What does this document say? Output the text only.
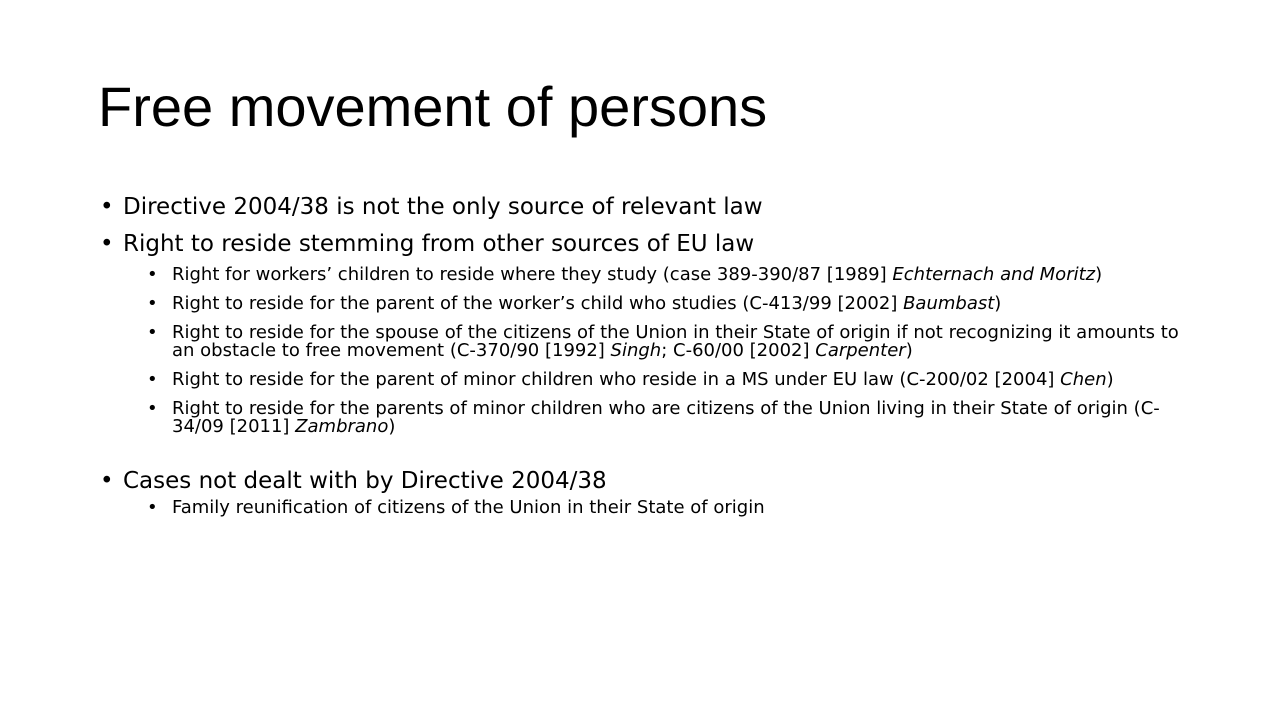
Free movement of persons
• Directive 2004/38 is not the only source of relevant law
• Right to reside stemming from other sources of EU law
• Right for workers’ children to reside where they study (case 389-390/87 [1989] Echternach and Moritz)
• Right to reside for the parent of the worker’s child who studies (C-413/99 [2002] Baumbast)
• Right to reside for the spouse of the citizens of the Union in their State of origin if not recognizing it amounts to an obstacle to free movement (C-370/90 [1992] Singh; C-60/00 [2002] Carpenter)
• Right to reside for the parent of minor children who reside in a MS under EU law (C-200/02 [2004] Chen)
• Right to reside for the parents of minor children who are citizens of the Union living in their State of origin (C-34/09 [2011] Zambrano)
• Cases not dealt with by Directive 2004/38
• Family reunification of citizens of the Union in their State of origin
